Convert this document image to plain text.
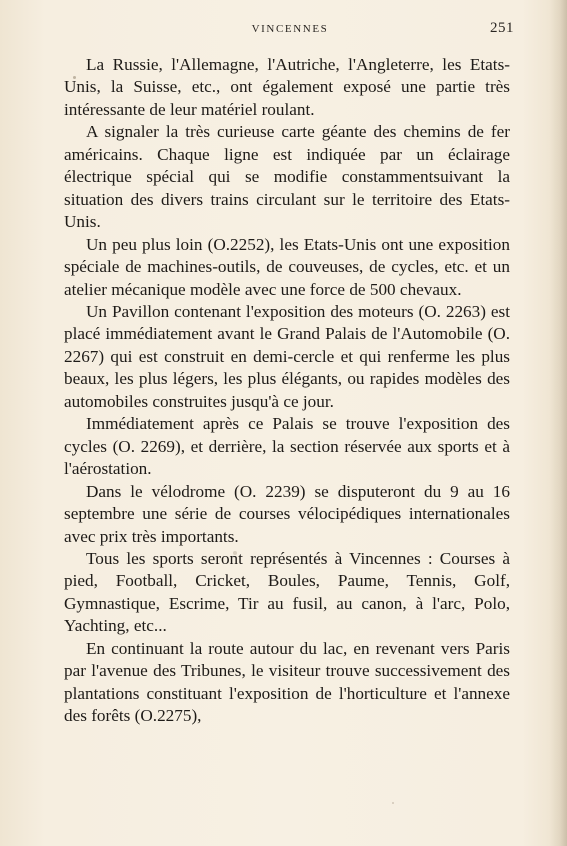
VINCENNES	251

La Russie, l'Allemagne, l'Autriche, l'Angleterre, les Etats-Unis, la Suisse, etc., ont également exposé une partie très intéressante de leur matériel roulant.

A signaler la très curieuse carte géante des chemins de fer américains. Chaque ligne est indiquée par un éclairage électrique spécial qui se modifie constammentsuivant la situation des divers trains circulant sur le territoire des Etats-Unis.

Un peu plus loin (O.2252), les Etats-Unis ont une exposition spéciale de machines-outils, de couveuses, de cycles, etc. et un atelier mécanique modèle avec une force de 500 chevaux.

Un Pavillon contenant l'exposition des moteurs (O. 2263) est placé immédiatement avant le Grand Palais de l'Automobile (O. 2267) qui est construit en demi-cercle et qui renferme les plus beaux, les plus légers, les plus élégants, ou rapides modèles des automobiles construites jusqu'à ce jour.

Immédiatement après ce Palais se trouve l'exposition des cycles (O. 2269), et derrière, la section réservée aux sports et à l'aérostation.

Dans le vélodrome (O. 2239) se disputeront du 9 au 16 septembre une série de courses vélocipédiques internationales avec prix très importants.

Tous les sports seront représentés à Vincennes : Courses à pied, Football, Cricket, Boules, Paume, Tennis, Golf, Gymnastique, Escrime, Tir au fusil, au canon, à l'arc, Polo, Yachting, etc...

En continuant la route autour du lac, en revenant vers Paris par l'avenue des Tribunes, le visiteur trouve successivement des plantations constituant l'exposition de l'horticulture et l'annexe des forêts (O.2275),
